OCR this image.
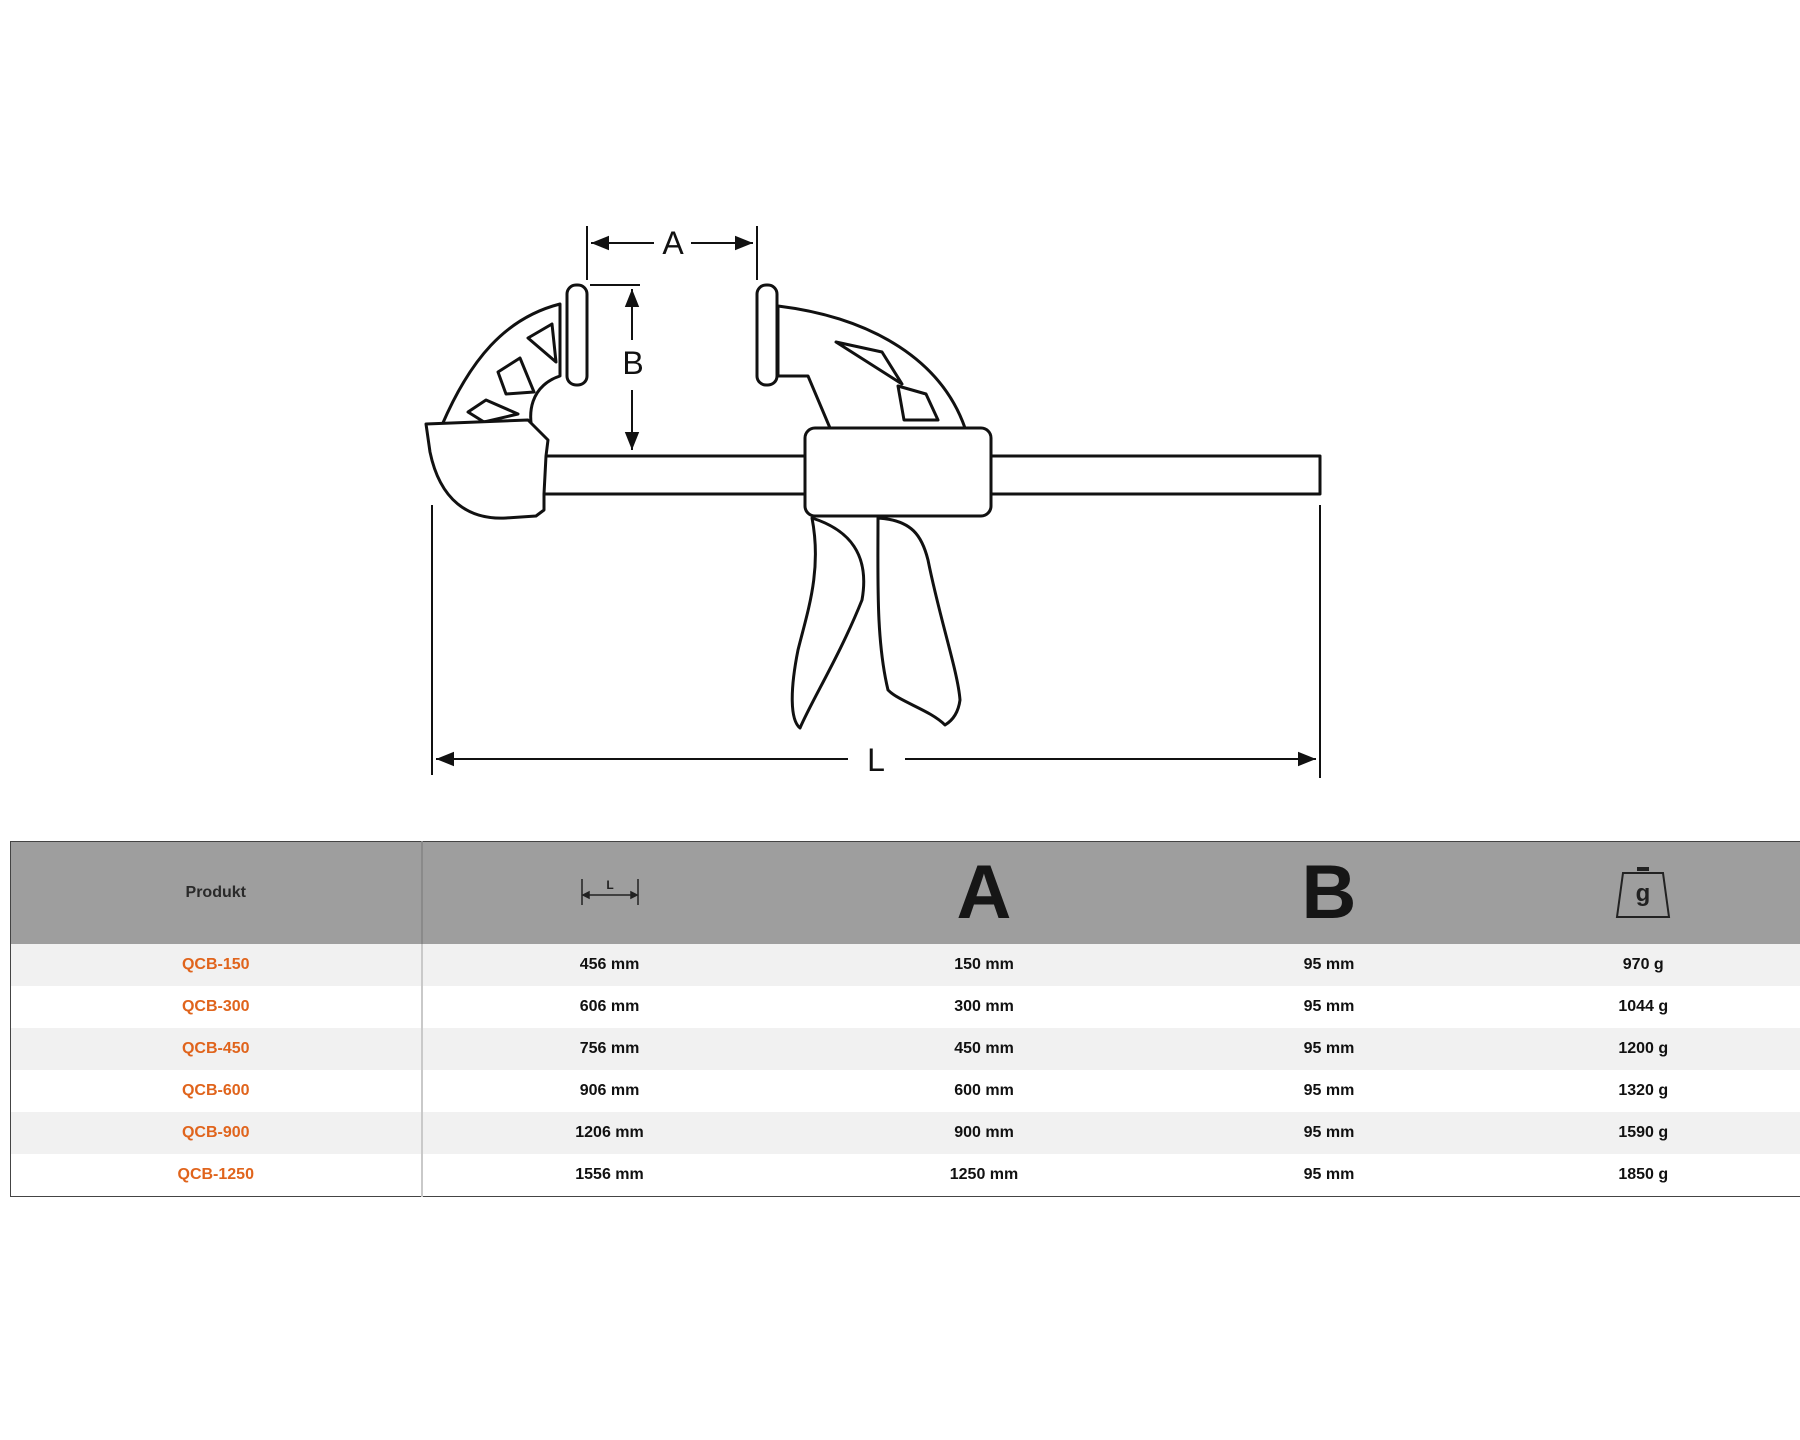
A
B
L
Produkt	L	A	B	g

QCB-150	456 mm	150 mm	95 mm	970 g
QCB-300	606 mm	300 mm	95 mm	1044 g
QCB-450	756 mm	450 mm	95 mm	1200 g
QCB-600	906 mm	600 mm	95 mm	1320 g
QCB-900	1206 mm	900 mm	95 mm	1590 g
QCB-1250	1556 mm	1250 mm	95 mm	1850 g
